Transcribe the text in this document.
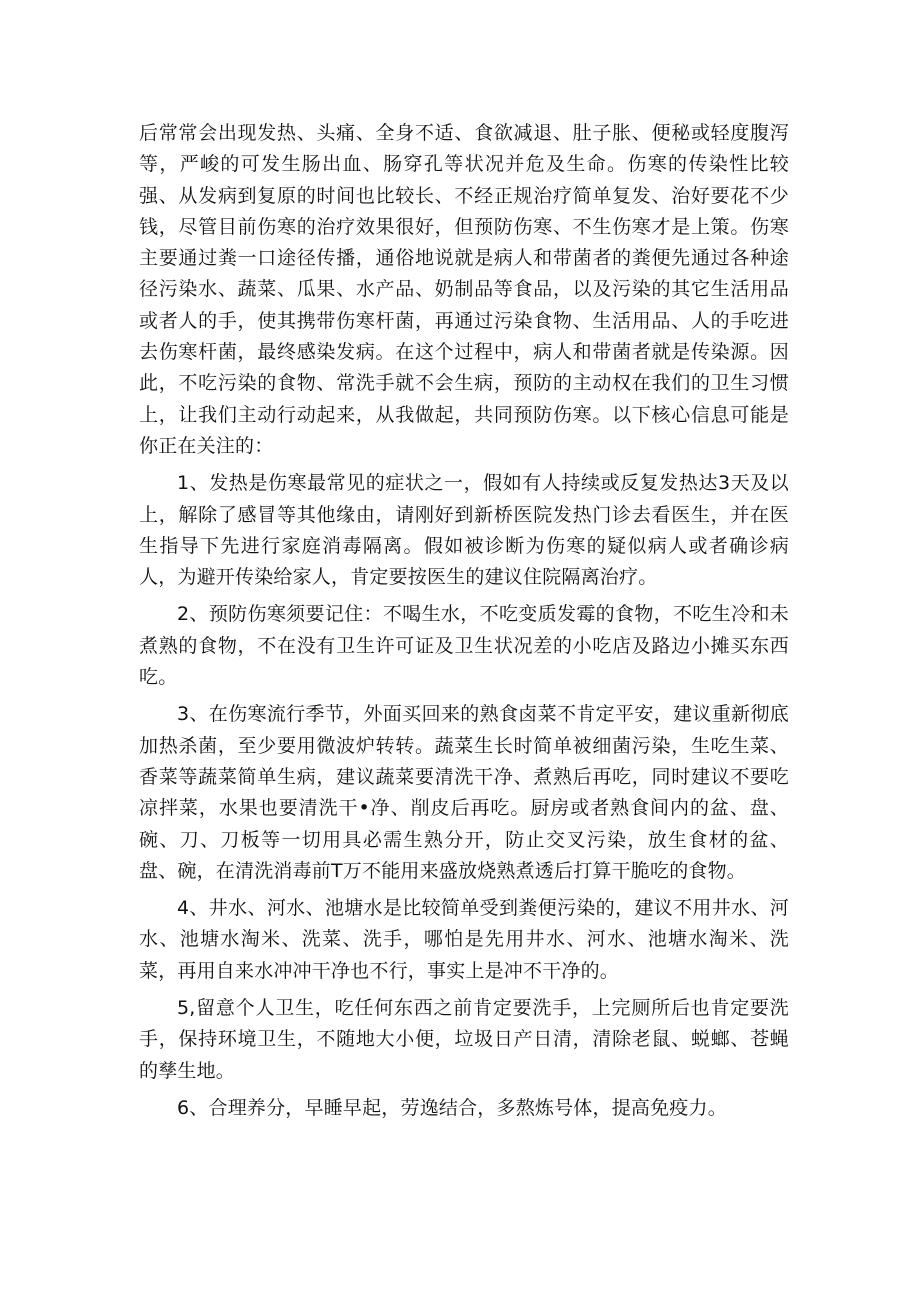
后常常会出现发热、头痛、全身不适、食欲减退、肚子胀、便秘或轻度腹泻等，严峻的可发生肠出血、肠穿孔等状况并危及生命。伤寒的传染性比较强、从发病到复原的时间也比较长、不经正规治疗简单复发、治好要花不少钱，尽管目前伤寒的治疗效果很好，但预防伤寒、不生伤寒才是上策。伤寒主要通过粪一口途径传播，通俗地说就是病人和带菌者的粪便先通过各种途径污染水、蔬菜、瓜果、水产品、奶制品等食品，以及污染的其它生活用品或者人的手，使其携带伤寒杆菌，再通过污染食物、生活用品、人的手吃进去伤寒杆菌，最终感染发病。在这个过程中，病人和带菌者就是传染源。因此，不吃污染的食物、常洗手就不会生病，预防的主动权在我们的卫生习惯上，让我们主动行动起来，从我做起，共同预防伤寒。以下核心信息可能是你正在关注的：

1、发热是伤寒最常见的症状之一，假如有人持续或反复发热达3天及以上，解除了感冒等其他缘由，请刚好到新桥医院发热门诊去看医生，并在医生指导下先进行家庭消毒隔离。假如被诊断为伤寒的疑似病人或者确诊病人，为避开传染给家人，肯定要按医生的建议住院隔离治疗。

2、预防伤寒须要记住：不喝生水，不吃变质发霉的食物，不吃生冷和未煮熟的食物，不在没有卫生许可证及卫生状况差的小吃店及路边小摊买东西吃。

3、在伤寒流行季节，外面买回来的熟食卤菜不肯定平安，建议重新彻底加热杀菌，至少要用微波炉转转。蔬菜生长时简单被细菌污染，生吃生菜、香菜等蔬菜简单生病，建议蔬菜要清洗干净、煮熟后再吃，同时建议不要吃凉拌菜，水果也要清洗干•净、削皮后再吃。厨房或者熟食间内的盆、盘、碗、刀、刀板等一切用具必需生熟分开，防止交叉污染，放生食材的盆、盘、碗，在清洗消毒前T万不能用来盛放烧熟煮透后打算干脆吃的食物。

4、井水、河水、池塘水是比较简单受到粪便污染的，建议不用井水、河水、池塘水淘米、洗菜、洗手，哪怕是先用井水、河水、池塘水淘米、洗菜，再用自来水冲冲干净也不行，事实上是冲不干净的。

5,留意个人卫生，吃任何东西之前肯定要洗手，上完厕所后也肯定要洗手，保持环境卫生，不随地大小便，垃圾日产日清，清除老鼠、蜕螂、苍蝇的孳生地。

6、合理养分，早睡早起，劳逸结合，多熬炼号体，提高免疫力。
